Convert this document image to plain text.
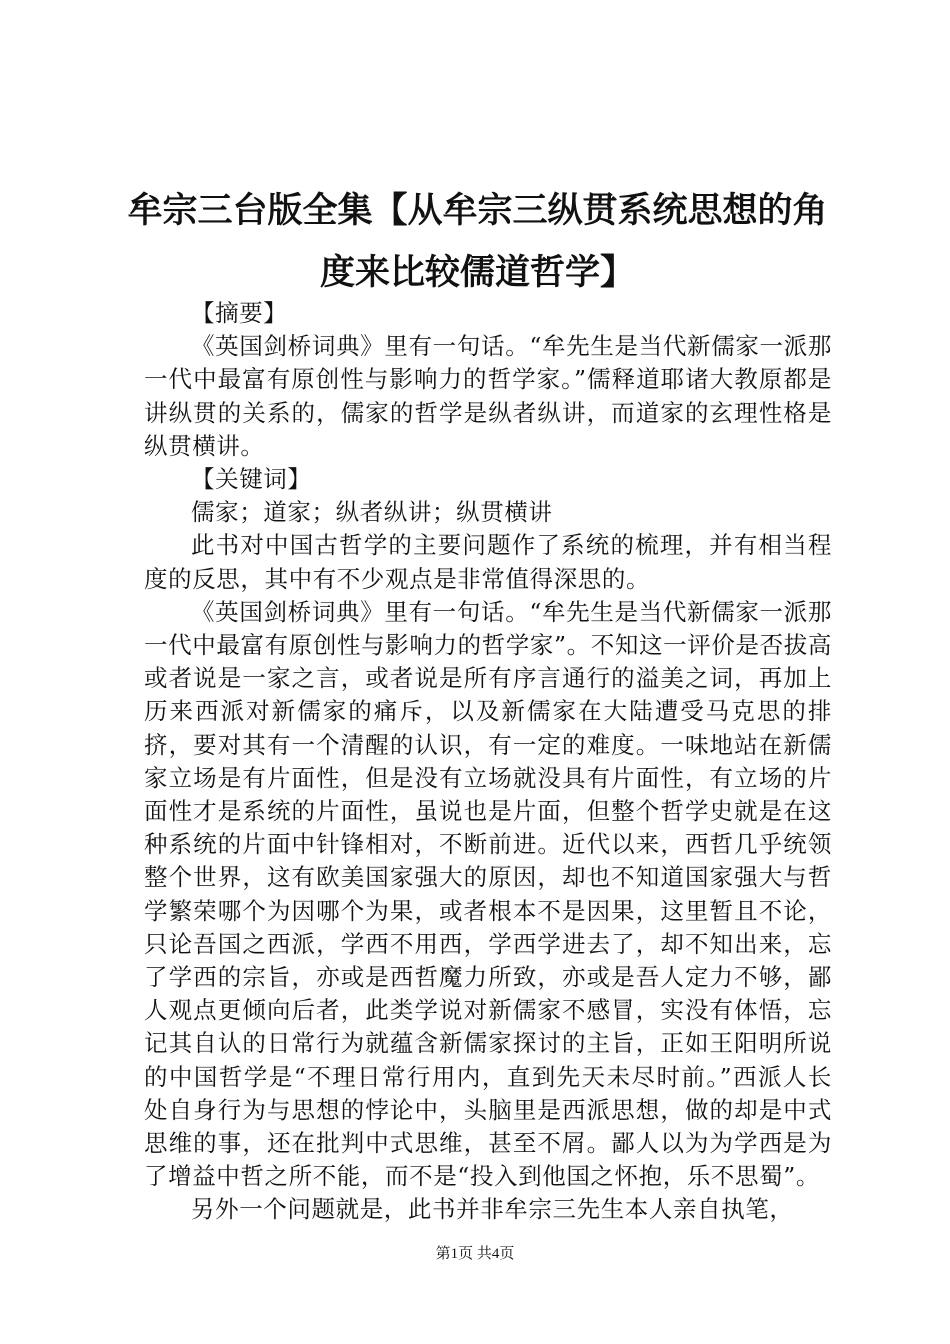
牟宗三台版全集【从牟宗三纵贯系统思想的角度来比较儒道哲学】

【摘要】

《英国剑桥词典》里有一句话。“牟先生是当代新儒家一派那一代中最富有原创性与影响力的哲学家。”儒释道耶诸大教原都是讲纵贯的关系的，儒家的哲学是纵者纵讲，而道家的玄理性格是纵贯横讲。

【关键词】

儒家；道家；纵者纵讲；纵贯横讲

此书对中国古哲学的主要问题作了系统的梳理，并有相当程度的反思，其中有不少观点是非常值得深思的。

《英国剑桥词典》里有一句话。“牟先生是当代新儒家一派那一代中最富有原创性与影响力的哲学家”。不知这一评价是否拔高或者说是一家之言，或者说是所有序言通行的溢美之词，再加上历来西派对新儒家的痛斥，以及新儒家在大陆遭受马克思的排挤，要对其有一个清醒的认识，有一定的难度。一味地站在新儒家立场是有片面性，但是没有立场就没具有片面性，有立场的片面性才是系统的片面性，虽说也是片面，但整个哲学史就是在这种系统的片面中针锋相对，不断前进。近代以来，西哲几乎统领整个世界，这有欧美国家强大的原因，却也不知道国家强大与哲学繁荣哪个为因哪个为果，或者根本不是因果，这里暂且不论，只论吾国之西派，学西不用西，学西学进去了，却不知出来，忘了学西的宗旨，亦或是西哲魔力所致，亦或是吾人定力不够，鄙人观点更倾向后者，此类学说对新儒家不感冒，实没有体悟，忘记其自认的日常行为就蕴含新儒家探讨的主旨，正如王阳明所说的中国哲学是“不理日常行用内，直到先天未尽时前。”西派人长处自身行为与思想的悖论中，头脑里是西派思想，做的却是中式思维的事，还在批判中式思维，甚至不屑。鄙人以为为学西是为了增益中哲之所不能，而不是“投入到他国之怀抱，乐不思蜀”。

另外一个问题就是，此书并非牟宗三先生本人亲自执笔，

第1页 共4页
